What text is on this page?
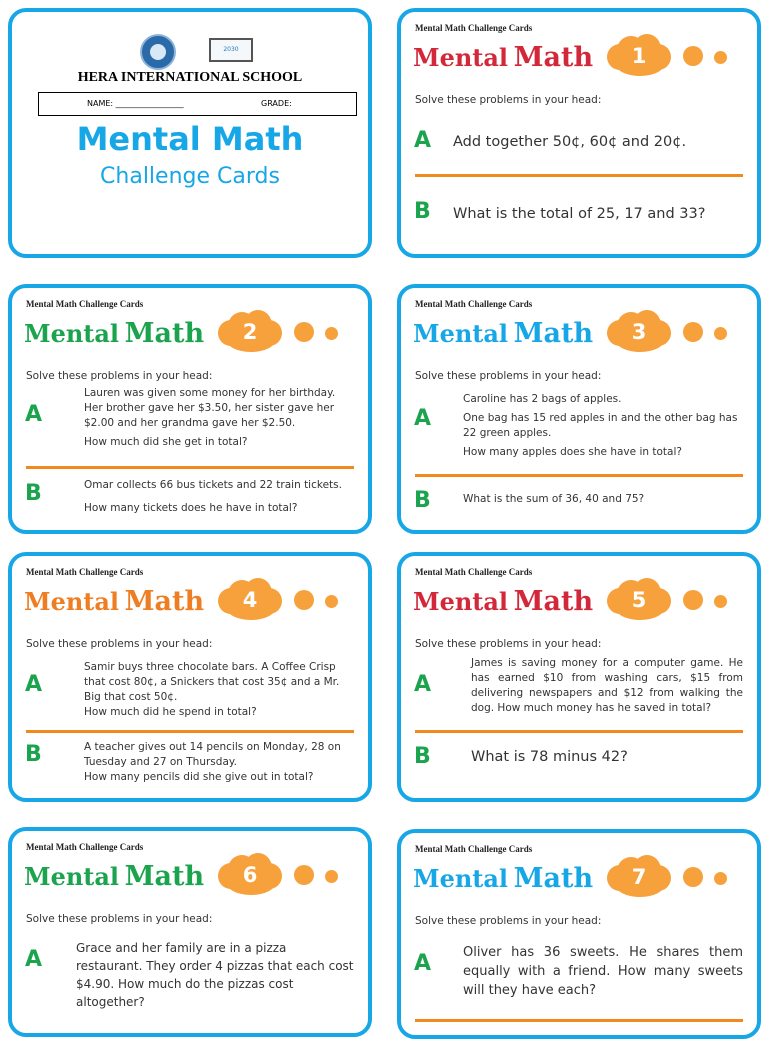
2030
HERA INTERNATIONAL SCHOOL
NAME: _________________	GRADE:
Mental Math
Challenge Cards
Mental Math Challenge Cards
Mental Math	1
Solve these problems in your head:
A Add together 50¢, 60¢ and 20¢.

B What is the total of 25, 17 and 33?

Mental Math Challenge Cards
Mental Math	2
Solve these problems in your head:
A

Lauren was given some money for her birthday. Her brother gave her $3.50, her sister gave her $2.00 and her grandma gave her $2.50.

How much did she get in total?

B	Omar collects 66 bus tickets and 22 train tickets.

How many tickets does he have in total?

Mental Math Challenge Cards
Mental Math	3
Solve these problems in your head:
A

Caroline has 2 bags of apples.

One bag has 15 red apples in and the other bag has 22 green apples.

How many apples does she have in total?

B	What is the sum of 36, 40 and 75?

Mental Math Challenge Cards
Mental Math	4
Solve these problems in your head:
A

Samir buys three chocolate bars. A Coffee Crisp that cost 80¢, a Snickers that cost 35¢ and a Mr. Big that cost 50¢.

How much did he spend in total?

B	A teacher gives out 14 pencils on Monday, 28 on Tuesday and 27 on Thursday.

How many pencils did she give out in total?

Mental Math Challenge Cards
Mental Math	5
Solve these problems in your head:
A

James is saving money for a computer game. He has earned $10 from washing cars, $15 from delivering newspapers and $12 from walking the dog. How much money has he saved in total?

B	What is 78 minus 42?

Mental Math Challenge Cards
Mental Math	6
Solve these problems in your head:
A	Grace and her family are in a pizza restaurant. They order 4 pizzas that each cost $4.90. How much do the pizzas cost altogether?

Mental Math Challenge Cards
Mental Math	7
Solve these problems in your head:
A Oliver has 36 sweets. He shares them equally with a friend. How many sweets will they have each?
